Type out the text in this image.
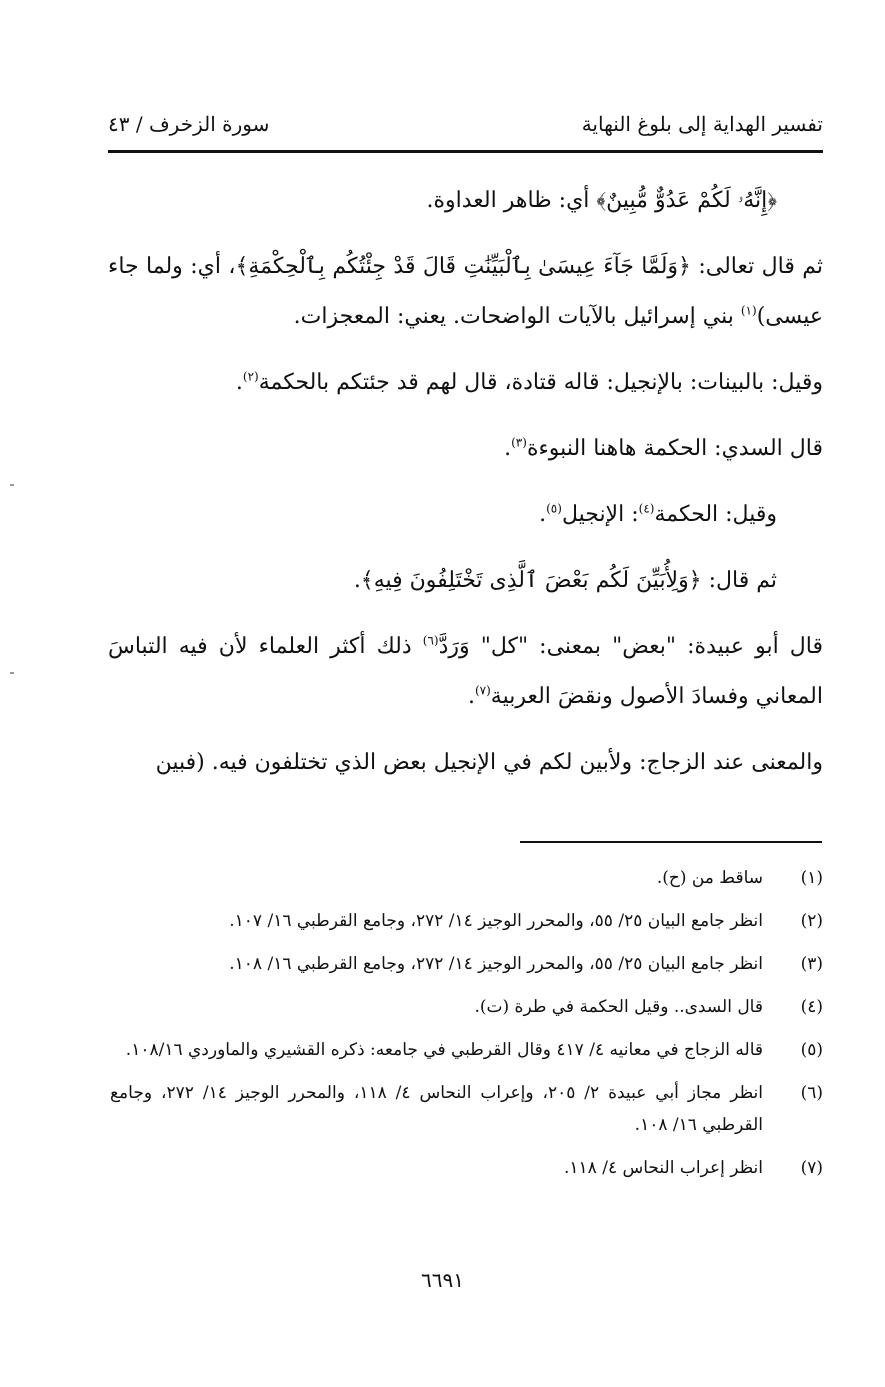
تفسير الهداية إلى بلوغ النهاية
سورة الزخرف / ٤٣

﴿إِنَّهُۥ لَكُمْ عَدُوٌّ مُّبِينٌ﴾ أي: ظاهر العداوة.

ثم قال تعالى: ﴿وَلَمَّا جَآءَ عِيسَىٰ بِٱلْبَيِّنَٰتِ قَالَ قَدْ جِئْتُكُم بِٱلْحِكْمَةِ﴾، أي: ولما جاء عيسى)$^{(١)}$ بني إسرائيل بالآيات الواضحات. يعني: المعجزات.

وقيل: بالبينات: بالإنجيل: قاله قتادة، قال لهم قد جئتكم بالحكمة$^{(٢)}$.

قال السدي: الحكمة هاهنا النبوءة$^{(٣)}$.

وقيل: الحكمة$^{(٤)}$: الإنجيل$^{(٥)}$.

ثم قال: ﴿وَلِأُبَيِّنَ لَكُم بَعْضَ ٱلَّذِى تَخْتَلِفُونَ فِيهِ﴾.

قال أبو عبيدة: "بعض" بمعنى: "كل" وَرَدَّ$^{(٦)}$ ذلك أكثر العلماء لأن فيه التباسَ المعاني وفسادَ الأصول ونقضَ العربية$^{(٧)}$.

والمعنى عند الزجاج: ولأبين لكم في الإنجيل بعض الذي تختلفون فيه. (فبين

(١)
ساقط من (ح).
(٢)
انظر جامع البيان ٢٥/ ٥٥، والمحرر الوجيز ١٤/ ٢٧٢، وجامع القرطبي ١٦/ ١٠٧.
(٣)
انظر جامع البيان ٢٥/ ٥٥، والمحرر الوجيز ١٤/ ٢٧٢، وجامع القرطبي ١٦/ ١٠٨.
(٤)
قال السدى.. وقيل الحكمة في طرة (ت).
(٥)
قاله الزجاج في معانيه ٤/ ٤١٧ وقال القرطبي في جامعه: ذكره القشيري والماوردي ١٠٨/١٦.
(٦)
انظر مجاز أبي عبيدة ٢/ ٢٠٥، وإعراب النحاس ٤/ ١١٨، والمحرر الوجيز ١٤/ ٢٧٢، وجامع القرطبي ١٦/ ١٠٨.
(٧)
انظر إعراب النحاس ٤/ ١١٨.
٦٦٩١
